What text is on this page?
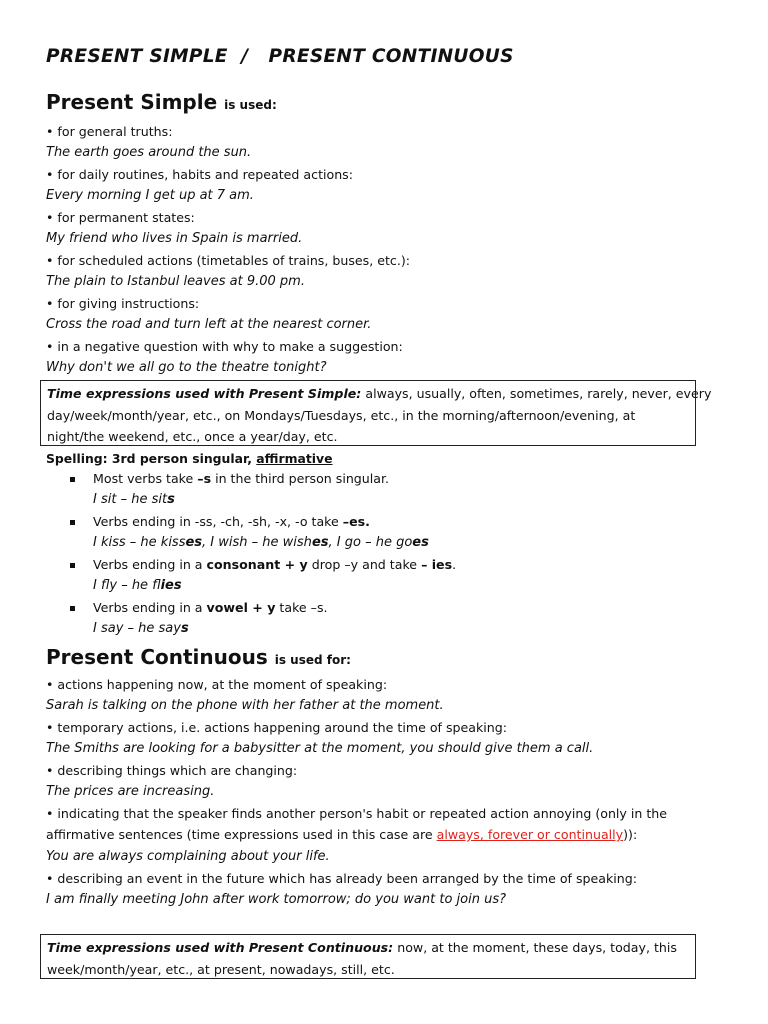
PRESENT SIMPLE  /   PRESENT CONTINUOUS
Present Simple is used:
• for general truths:
The earth goes around the sun.
• for daily routines, habits and repeated actions:
Every morning I get up at 7 am.
• for permanent states:
My friend who lives in Spain is married.
• for scheduled actions (timetables of trains, buses, etc.):
The plain to Istanbul leaves at 9.00 pm.
• for giving instructions:
Cross the road and turn left at the nearest corner.
• in a negative question with why to make a suggestion:
Why don't we all go to the theatre tonight?
Time expressions used with Present Simple: always, usually, often, sometimes, rarely, never, every
day/week/month/year, etc., on Mondays/Tuesdays, etc., in the morning/afternoon/evening, at
night/the weekend, etc., once a year/day, etc.
Spelling: 3rd person singular, affirmative
Most verbs take –s in the third person singular.
I sit – he sits
Verbs ending in -ss, -ch, -sh, -x, -o take –es.
I kiss – he kisses, I wish – he wishes, I go – he goes
Verbs ending in a consonant + y drop –y and take – ies.
I fly – he flies
Verbs ending in a vowel + y take –s.
I say – he says
Present Continuous is used for:
• actions happening now, at the moment of speaking:
Sarah is talking on the phone with her father at the moment.
• temporary actions, i.e. actions happening around the time of speaking:
The Smiths are looking for a babysitter at the moment, you should give them a call.
• describing things which are changing:
The prices are increasing.
• indicating that the speaker finds another person's habit or repeated action annoying (only in the
affirmative sentences (time expressions used in this case are always, forever or continually)):
You are always complaining about your life.
• describing an event in the future which has already been arranged by the time of speaking:
I am finally meeting John after work tomorrow; do you want to join us?
Time expressions used with Present Continuous: now, at the moment, these days, today, this
week/month/year, etc., at present, nowadays, still, etc.
